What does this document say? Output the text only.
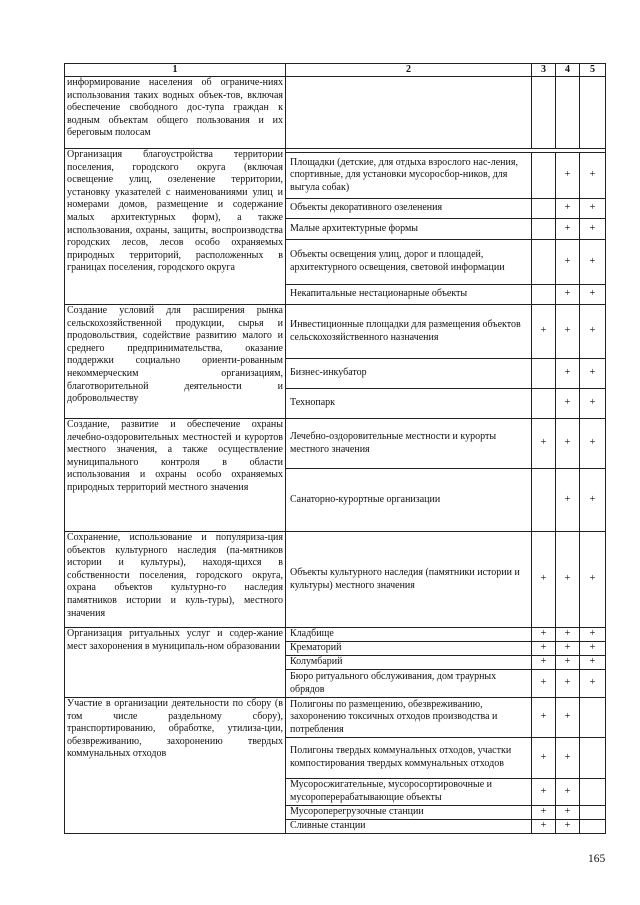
1	2	3	4	5
информирование населения об ограниче-ниях использования таких водных объек-тов, включая обеспечение свободного дос-тупа граждан к водным объектам общего пользования и их береговым полосам				
Организация благоустройства территории поселения, городского округа (включая освещение улиц, озеленение территории, установку указателей с наименованиями улиц и номерами домов, размещение и содержание малых архитектурных форм), а также использования, охраны, защиты, воспроизводства городских лесов, лесов особо охраняемых природных территорий, расположенных в границах поселения, городского округа				
	Площадки (детские, для отдыха взрослого нас-ления, спортивные, для установки мусоросбор-ников, для выгула собак)		+	+
	Объекты декоративного озеленения		+	+
	Малые архитектурные формы		+	+
	Объекты освещения улиц, дорог и площадей, архитектурного освещения, световой информации		+	+
	Некапитальные нестационарные объекты		+	+
Создание условий для расширения рынка сельскохозяйственной продукции, сырья и продовольствия, содействие развитию малого и среднего предпринимательства, оказание поддержки социально ориенти-рованным некоммерческим организациям, благотворительной деятельности и добровольчеству	Инвестиционные площадки для размещения объектов сельскохозяйственного назначения	+	+	+
	Бизнес-инкубатор		+	+
	Технопарк		+	+
Создание, развитие и обеспечение охраны лечебно-оздоровительных местностей и курортов местного значения, а также осуществление муниципального контроля в области использования и охраны особо охраняемых природных территорий местного значения	Лечебно-оздоровительные местности и курорты местного значения	+	+	+
	Санаторно-курортные организации		+	+
Сохранение, использование и популяриза-ция объектов культурного наследия (па-мятников истории и культуры), находя-щихся в собственности поселения, городского округа, охрана объектов культурно-го наследия памятников истории и куль-туры), местного значения	Объекты культурного наследия (памятники истории и культуры) местного значения	+	+	+
Организация ритуальных услуг и содер-жание мест захоронения в муниципаль-ном образовании	Кладбище	+	+	+
	Крематорий	+	+	+
	Колумбарий	+	+	+
	Бюро ритуального обслуживания, дом траурных обрядов	+	+	+
Участие в организации деятельности по сбору (в том числе раздельному сбору), транспортированию, обработке, утилиза-ции, обезвреживанию, захоронению твердых коммунальных отходов	Полигоны по размещению, обезвреживанию, захоронению токсичных отходов производства и потребления	+	+	
	Полигоны твердых коммунальных отходов, участки компостирования твердых коммунальных отходов	+	+	
	Мусоросжигательные, мусоросортировочные и мусороперерабатывающие объекты	+	+	
	Мусороперегрузочные станции	+	+	
	Сливные станции	+	+	
165
